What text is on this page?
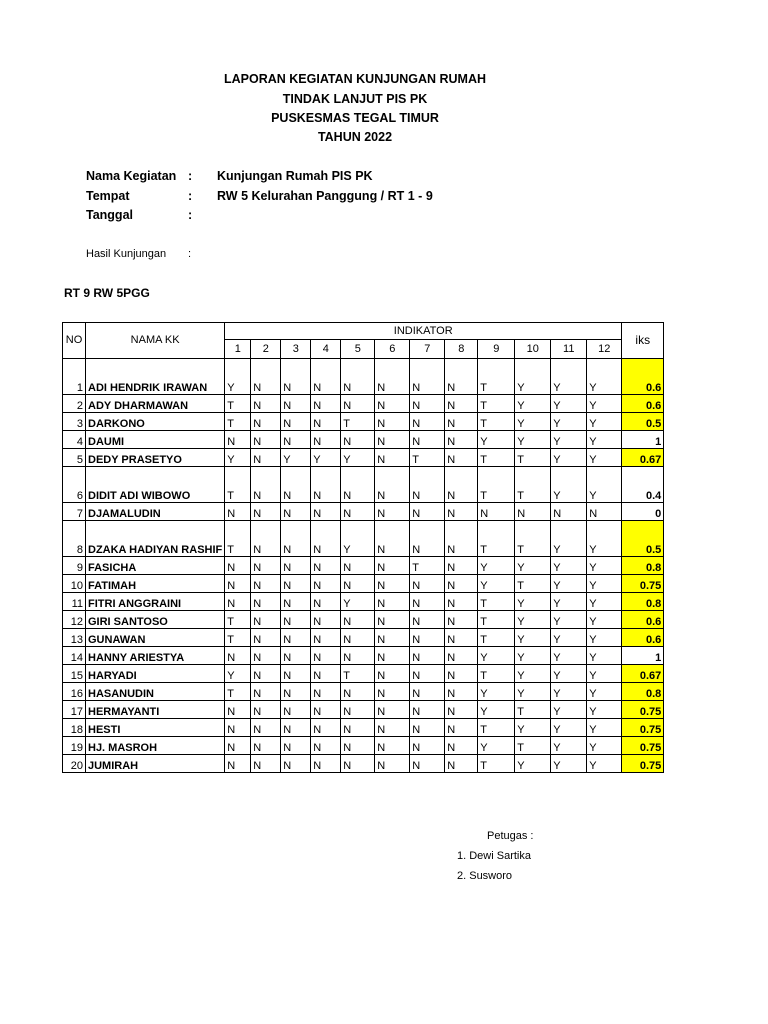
LAPORAN KEGIATAN KUNJUNGAN RUMAH
TINDAK LANJUT PIS PK
PUSKESMAS TEGAL TIMUR
TAHUN 2022
Nama Kegiatan : Kunjungan Rumah PIS PK
Tempat	: RW 5 Kelurahan Panggung / RT 1 - 9
Tanggal	:
Hasil Kunjungan :
RT 9 RW 5PGG
NO	NAMA KK	INDIKATOR												iks
		1	2	3	4	5	6	7	8	9	10	11	12	
1	ADI HENDRIK IRAWAN	Y	N	N	N	N	N	N	N	T	Y	Y	Y	0.6
2	ADY DHARMAWAN	T	N	N	N	N	N	N	N	T	Y	Y	Y	0.6
3	DARKONO	T	N	N	N	T	N	N	N	T	Y	Y	Y	0.5
4	DAUMI	N	N	N	N	N	N	N	N	Y	Y	Y	Y	1
5	DEDY PRASETYO	Y	N	Y	Y	Y	N	T	N	T	T	Y	Y	0.67
6	DIDIT ADI WIBOWO	T	N	N	N	N	N	N	N	T	T	Y	Y	0.4
7	DJAMALUDIN	N	N	N	N	N	N	N	N	N	N	N	N	0
8	DZAKA HADIYAN RASHIF	T	N	N	N	Y	N	N	N	T	T	Y	Y	0.5
9	FASICHA	N	N	N	N	N	N	T	N	Y	Y	Y	Y	0.8
10	FATIMAH	N	N	N	N	N	N	N	N	Y	T	Y	Y	0.75
11	FITRI ANGGRAINI	N	N	N	N	Y	N	N	N	T	Y	Y	Y	0.8
12	GIRI SANTOSO	T	N	N	N	N	N	N	N	T	Y	Y	Y	0.6
13	GUNAWAN	T	N	N	N	N	N	N	N	T	Y	Y	Y	0.6
14	HANNY ARIESTYA	N	N	N	N	N	N	N	N	Y	Y	Y	Y	1
15	HARYADI	Y	N	N	N	T	N	N	N	T	Y	Y	Y	0.67
16	HASANUDIN	T	N	N	N	N	N	N	N	Y	Y	Y	Y	0.8
17	HERMAYANTI	N	N	N	N	N	N	N	N	Y	T	Y	Y	0.75
18	HESTI	N	N	N	N	N	N	N	N	T	Y	Y	Y	0.75
19	HJ. MASROH	N	N	N	N	N	N	N	N	Y	T	Y	Y	0.75
20	JUMIRAH	N	N	N	N	N	N	N	N	T	Y	Y	Y	0.75
Petugas :
1. Dewi Sartika
2. Susworo
